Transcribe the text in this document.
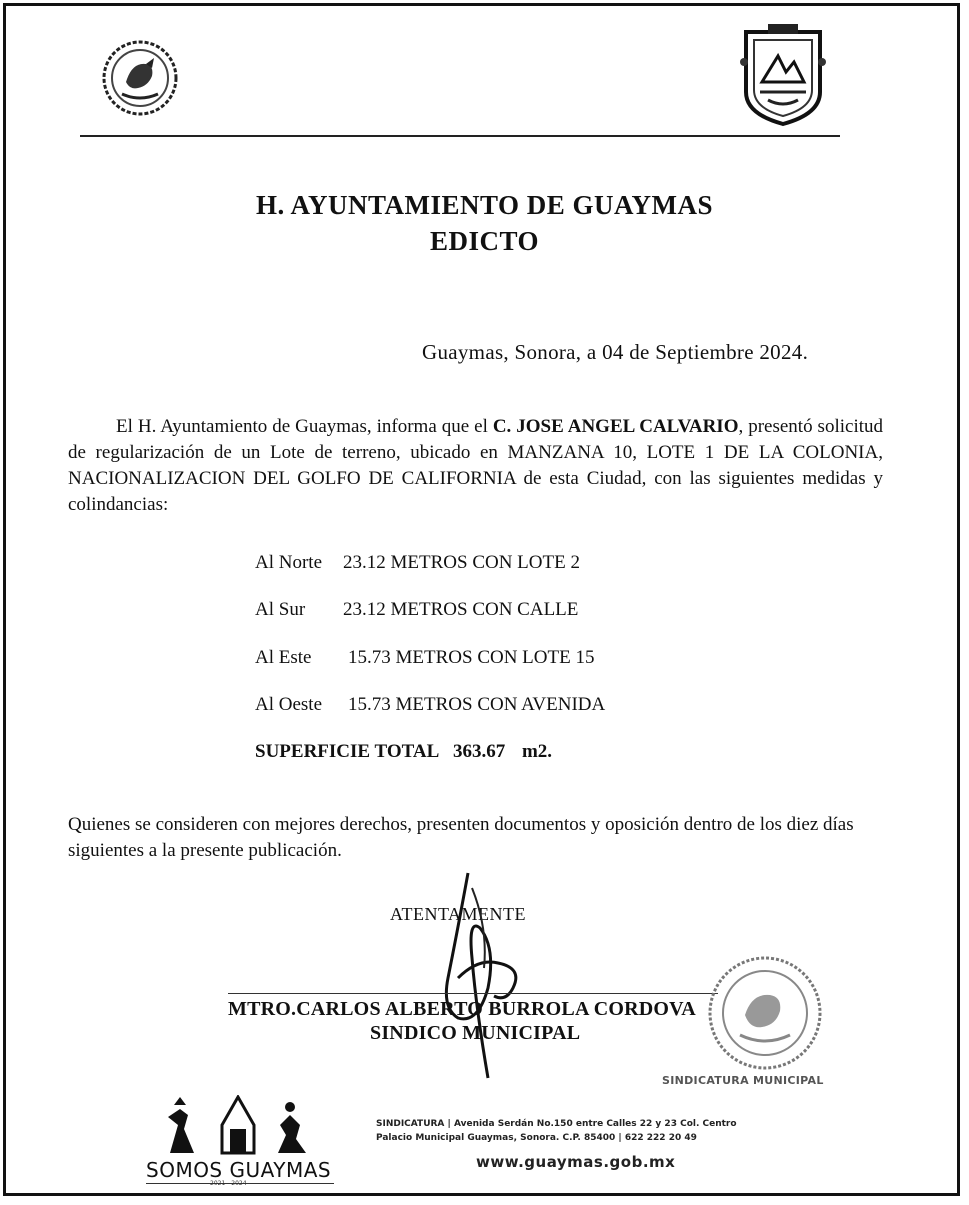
H. AYUNTAMIENTO DE GUAYMAS
EDICTO
Guaymas, Sonora, a 04 de Septiembre 2024.
El H. Ayuntamiento de Guaymas, informa que el C. JOSE ANGEL CALVARIO, presentó solicitud de regularización de un Lote de terreno, ubicado en MANZANA 10, LOTE 1 DE LA COLONIA, NACIONALIZACION DEL GOLFO DE CALIFORNIA de esta Ciudad, con las siguientes medidas y colindancias:
Al Norte 23.12 METROS CON LOTE 2
Al Sur 23.12 METROS CON CALLE
Al Este 15.73 METROS CON LOTE 15
Al Oeste 15.73 METROS CON AVENIDA
SUPERFICIE TOTAL 363.67 m2.
Quienes se consideren con mejores derechos, presenten documentos y oposición dentro de los diez días siguientes a la presente publicación.
ATENTAMENTE
MTRO.CARLOS ALBERTO BURROLA CORDOVA
SINDICO MUNICIPAL
SINDICATURA MUNICIPAL
SOMOS GUAYMAS
2021 - 2024
SINDICATURA | Avenida Serdán No.150 entre Calles 22 y 23 Col. Centro
Palacio Municipal Guaymas, Sonora. C.P. 85400 | 622 222 20 49
www.guaymas.gob.mx
